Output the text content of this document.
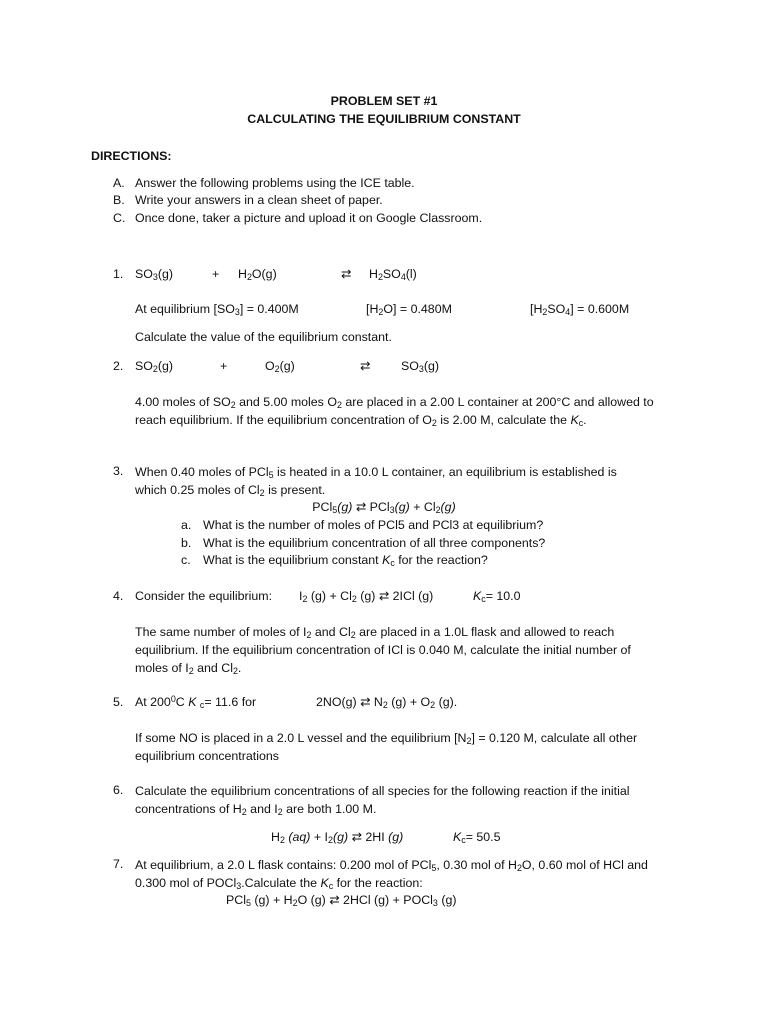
PROBLEM SET #1
CALCULATING THE EQUILIBRIUM CONSTANT
DIRECTIONS:
A. Answer the following problems using the ICE table.
B. Write your answers in a clean sheet of paper.
C. Once done, taker a picture and upload it on Google Classroom.
1. $SO_3(g)$	+ $H_2O(g)$	⇄ $H_2SO_4(l)$
At equilibrium $[SO_3] = 0.400M$	$[H_2O] = 0.480M$	$[H_2SO_4] = 0.600M$
Calculate the value of the equilibrium constant.
2. $SO_2(g)$	+	$O_2(g)$	⇄ $SO_3(g)$
4.00 moles of $SO_2$ and 5.00 moles $O_2$ are placed in a 2.00 L container at 200°C and allowed to reach equilibrium. If the equilibrium concentration of $O_2$ is 2.00 M, calculate the $K_c$.
3. When 0.40 moles of PCl$_5$ is heated in a 10.0 L container, an equilibrium is established is which 0.25 moles of $Cl_2$ is present.
PCl$_5$(g) ⇄ $PCl_3(g) + Cl_2(g)$
a. What is the number of moles of PCl5 and PCl3 at equilibrium?
b. What is the equilibrium concentration of all three components?
c. What is the equilibrium constant $K_c$ for the reaction?
4. Consider the equilibrium: $I_2$ $(g) + Cl_2$ (g) ⇄ 2ICl (g)	$K_c= 10.0$
The same number of moles of $I_2$ and $Cl_2$ are placed in a 1.0L flask and allowed to reach equilibrium. If the equilibrium concentration of ICl is 0.040 M, calculate the initial number of moles of $I_2$ and $Cl_2$.
5. At $200^0C$ K $_c$= 11.6 for	2NO(g) ⇄ $N_2$ $(g) + O_2$ (g).
If some NO is placed in a 2.0 L vessel and the equilibrium $[N_2] = 0.120$ M, calculate all other equilibrium concentrations
6. Calculate the equilibrium concentrations of all species for the following reaction if the initial concentrations of $H_2$ and $I_2$ are both 1.00 M.
$H_2$ $(aq) + I_2(g)$ ⇄ 2HI (g)	$K_c= 50.5$
7. At equilibrium, a 2.0 L flask contains: 0.200 mol of PCl$_5$, 0.30 mol of $H_2O$, 0.60 mol of HCl and 0.300 mol of POCl$_3$.Calculate the $K_c$ for the reaction:
PCl$_5$ $(g) + H_2O$ (g) ⇄ 2HCl (g) + POCl$_3$ (g)
